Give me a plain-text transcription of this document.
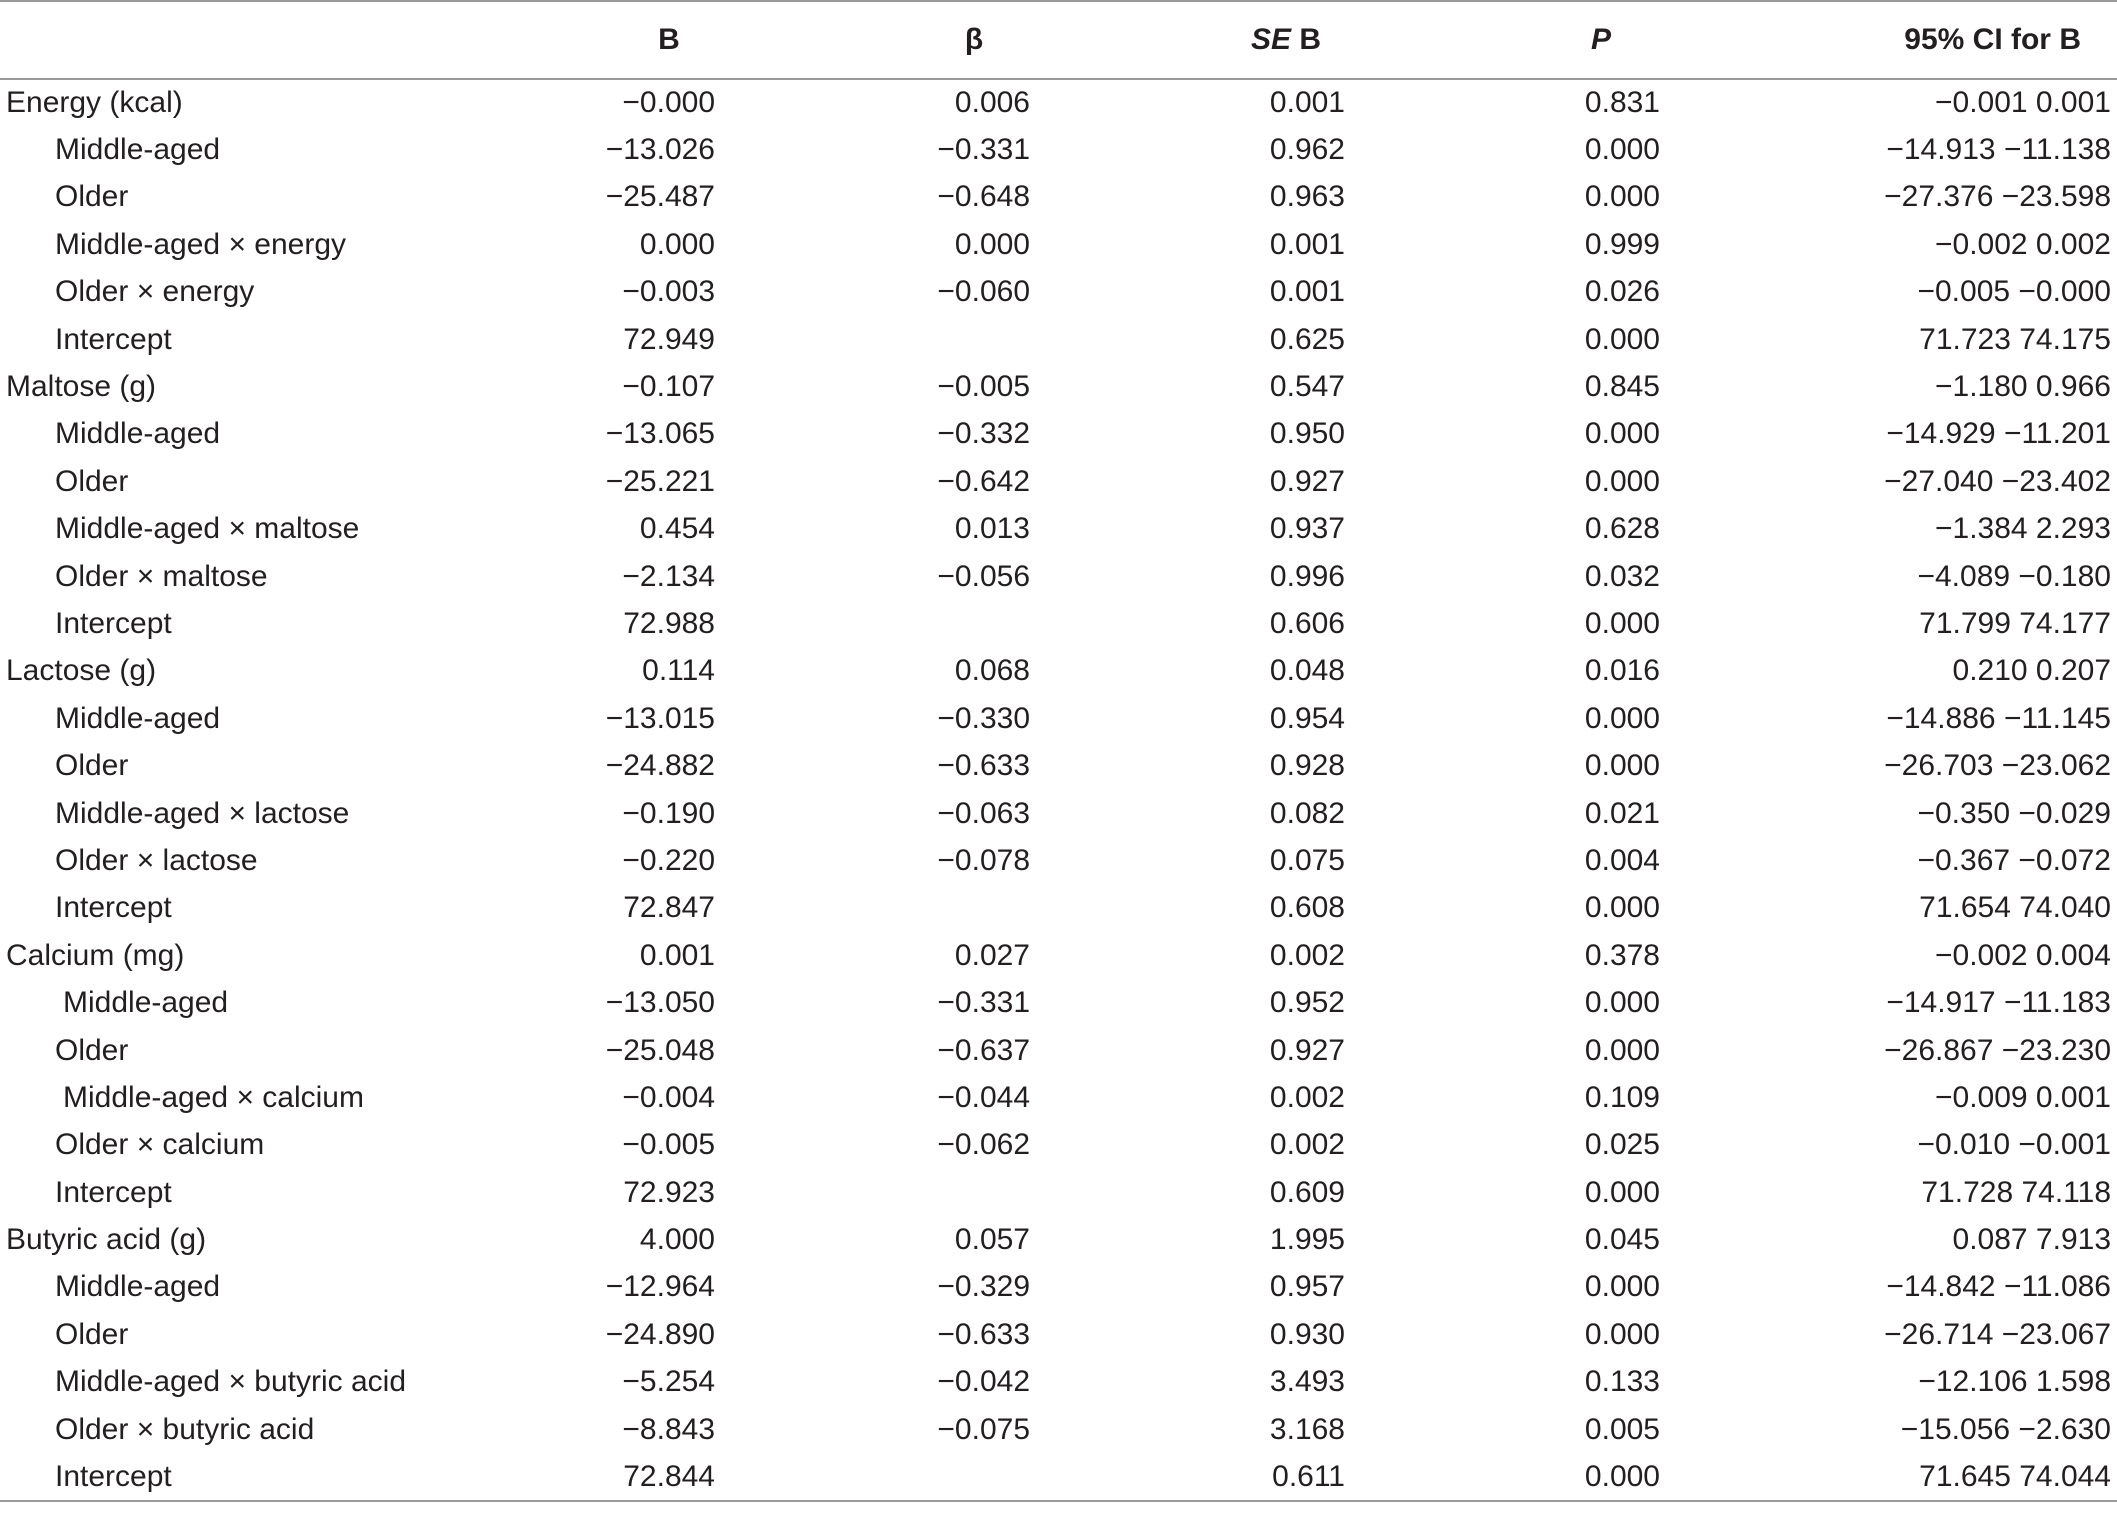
	B	β	SE B	P	95% CI for B
Energy (kcal)	−0.000	0.006	0.001	0.831	−0.001 0.001
Middle-aged	−13.026	−0.331	0.962	0.000	−14.913 −11.138
Older	−25.487	−0.648	0.963	0.000	−27.376 −23.598
Middle-aged × energy	0.000	0.000	0.001	0.999	−0.002 0.002
Older × energy	−0.003	−0.060	0.001	0.026	−0.005 −0.000
Intercept	72.949		0.625	0.000	71.723 74.175
Maltose (g)	−0.107	−0.005	0.547	0.845	−1.180 0.966
Middle-aged	−13.065	−0.332	0.950	0.000	−14.929 −11.201
Older	−25.221	−0.642	0.927	0.000	−27.040 −23.402
Middle-aged × maltose	0.454	0.013	0.937	0.628	−1.384 2.293
Older × maltose	−2.134	−0.056	0.996	0.032	−4.089 −0.180
Intercept	72.988		0.606	0.000	71.799 74.177
Lactose (g)	0.114	0.068	0.048	0.016	0.210 0.207
Middle-aged	−13.015	−0.330	0.954	0.000	−14.886 −11.145
Older	−24.882	−0.633	0.928	0.000	−26.703 −23.062
Middle-aged × lactose	−0.190	−0.063	0.082	0.021	−0.350 −0.029
Older × lactose	−0.220	−0.078	0.075	0.004	−0.367 −0.072
Intercept	72.847		0.608	0.000	71.654 74.040
Calcium (mg)	0.001	0.027	0.002	0.378	−0.002 0.004
Middle-aged	−13.050	−0.331	0.952	0.000	−14.917 −11.183
Older	−25.048	−0.637	0.927	0.000	−26.867 −23.230
Middle-aged × calcium	−0.004	−0.044	0.002	0.109	−0.009 0.001
Older × calcium	−0.005	−0.062	0.002	0.025	−0.010 −0.001
Intercept	72.923		0.609	0.000	71.728 74.118
Butyric acid (g)	4.000	0.057	1.995	0.045	0.087 7.913
Middle-aged	−12.964	−0.329	0.957	0.000	−14.842 −11.086
Older	−24.890	−0.633	0.930	0.000	−26.714 −23.067
Middle-aged × butyric acid	−5.254	−0.042	3.493	0.133	−12.106 1.598
Older × butyric acid	−8.843	−0.075	3.168	0.005	−15.056 −2.630
Intercept	72.844		0.611	0.000	71.645 74.044
